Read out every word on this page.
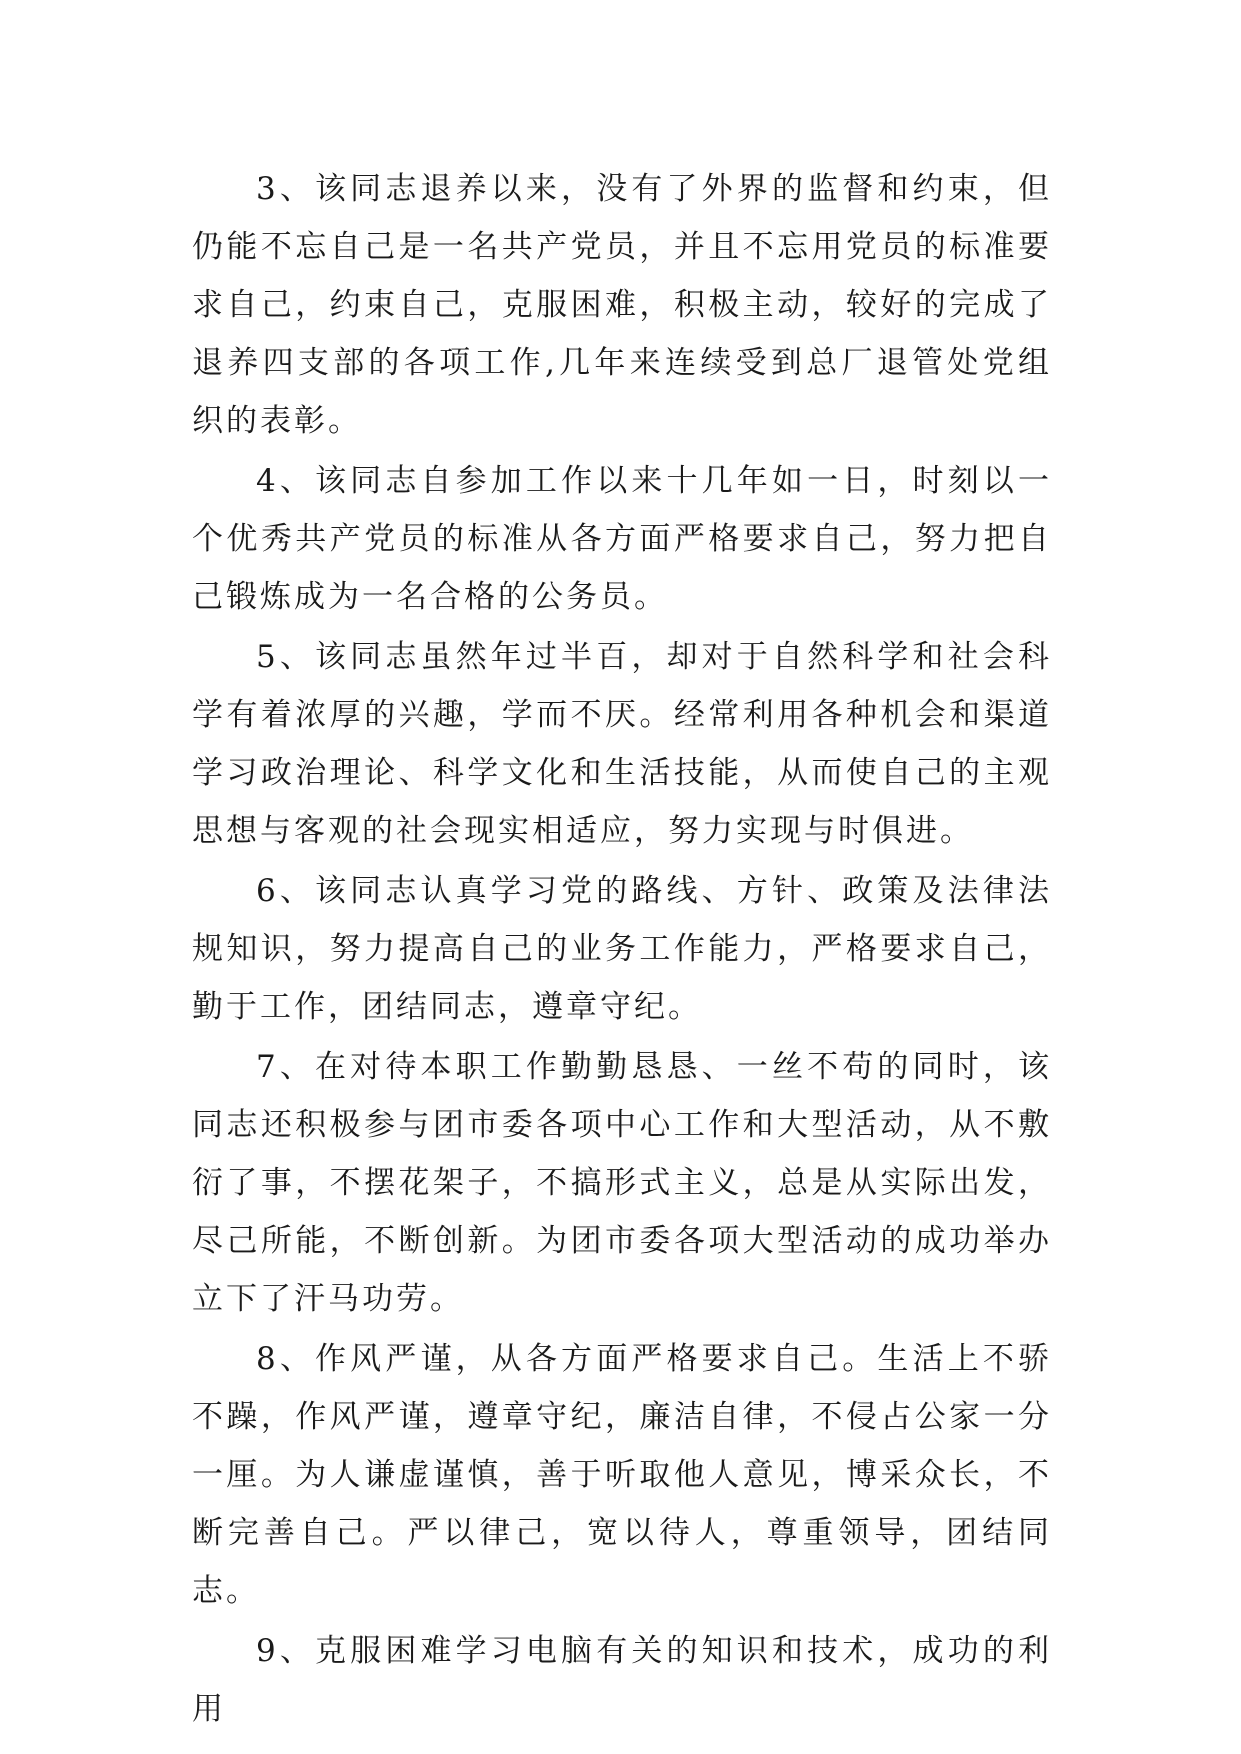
3、该同志退养以来，没有了外界的监督和约束，但仍能不忘自己是一名共产党员，并且不忘用党员的标准要求自己，约束自己，克服困难，积极主动，较好的完成了退养四支部的各项工作,几年来连续受到总厂退管处党组织的表彰。

4、该同志自参加工作以来十几年如一日，时刻以一个优秀共产党员的标准从各方面严格要求自己，努力把自己锻炼成为一名合格的公务员。

5、该同志虽然年过半百，却对于自然科学和社会科学有着浓厚的兴趣，学而不厌。经常利用各种机会和渠道学习政治理论、科学文化和生活技能，从而使自己的主观思想与客观的社会现实相适应，努力实现与时俱进。

6、该同志认真学习党的路线、方针、政策及法律法规知识，努力提高自己的业务工作能力，严格要求自己，勤于工作，团结同志，遵章守纪。

7、在对待本职工作勤勤恳恳、一丝不苟的同时，该同志还积极参与团市委各项中心工作和大型活动，从不敷衍了事，不摆花架子，不搞形式主义，总是从实际出发，尽己所能，不断创新。为团市委各项大型活动的成功举办立下了汗马功劳。

8、作风严谨，从各方面严格要求自己。生活上不骄不躁，作风严谨，遵章守纪，廉洁自律，不侵占公家一分一厘。为人谦虚谨慎，善于听取他人意见，博采众长，不断完善自己。严以律己，宽以待人，尊重领导，团结同志。

9、克服困难学习电脑有关的知识和技术，成功的利用
